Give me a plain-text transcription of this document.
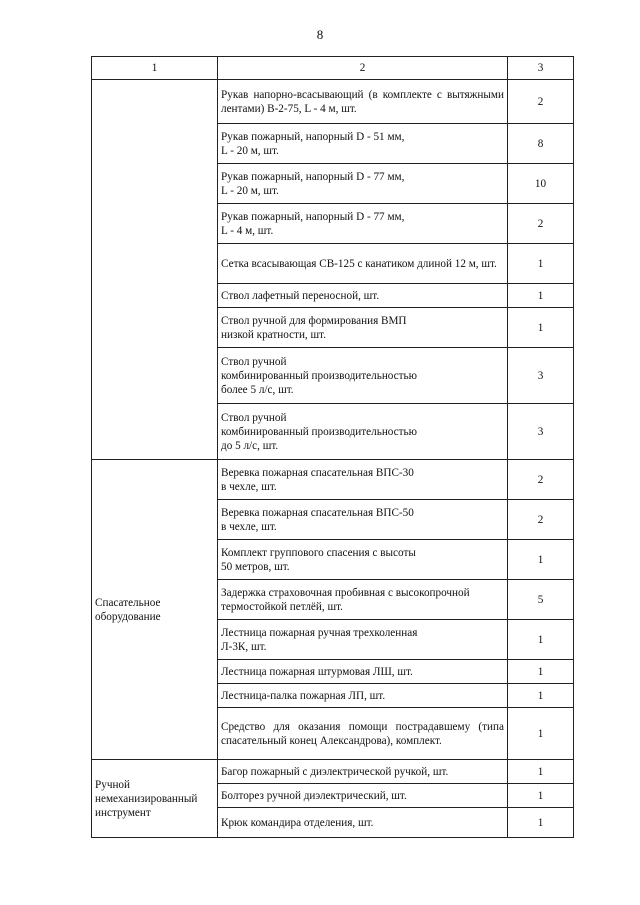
8
1	2	3

	Рукав напорно-всасывающий (в комплекте с вытяжными лентами) В-2-75, L - 4 м, шт.	2

	Рукав пожарный, напорный D - 51 мм,
L - 20 м, шт.	8

	Рукав пожарный, напорный D - 77 мм,
L - 20 м, шт.	10

	Рукав пожарный, напорный D - 77 мм,
L - 4 м, шт.	2

	Сетка всасывающая СВ-125 с канатиком длиной 12 м, шт.	1

	Ствол лафетный переносной, шт.	1

	Ствол ручной для формирования ВМП
низкой кратности, шт.	1

	Ствол ручной
комбинированный производительностью
более 5 л/с, шт.	3

	Ствол ручной
комбинированный производительностью
до 5 л/с, шт.	3
Спасательное оборудование	Веревка пожарная спасательная ВПС-30
в чехле, шт.	2

	Веревка пожарная спасательная ВПС-50
в чехле, шт.	2

	Комплект группового спасения с высоты
50 метров, шт.	1

	Задержка страховочная пробивная с высокопрочной термостойкой петлёй, шт.	5

	Лестница пожарная ручная трехколенная
Л-3К, шт.	1

	Лестница пожарная штурмовая ЛШ, шт.	1

	Лестница-палка пожарная ЛП, шт.	1

	Средство для оказания помощи пострадавшему (типа спасательный конец Александрова), комплект.	1
Ручной немеханизированный инструмент	Багор пожарный с диэлектрической ручкой, шт.	1

	Болторез ручной диэлектрический, шт.	1

	Крюк командира отделения, шт.	1
